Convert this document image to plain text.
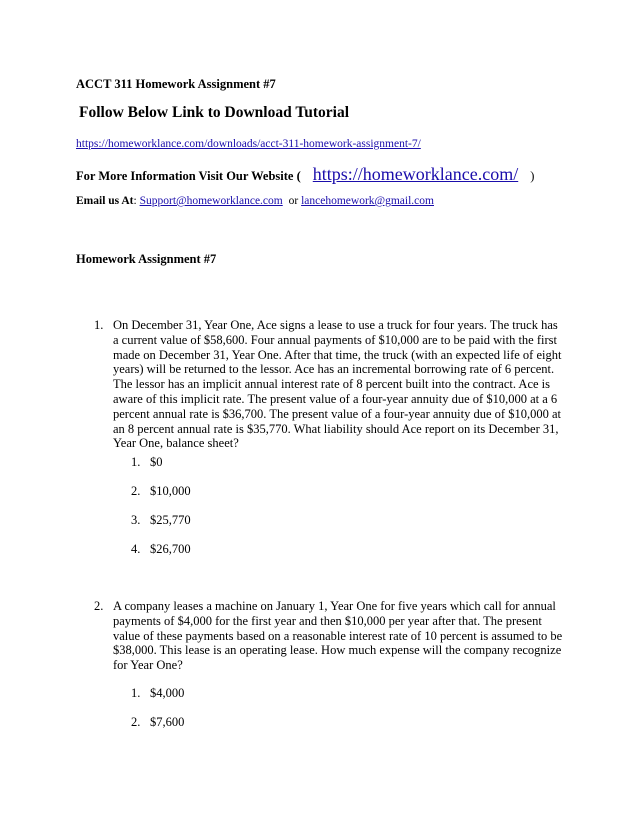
ACCT 311 Homework Assignment #7
Follow Below Link to Download Tutorial
https://homeworklance.com/downloads/acct-311-homework-assignment-7/
For More Information Visit Our Website ( https://homeworklance.com/ )
Email us At: Support@homeworklance.com or lancehomework@gmail.com
Homework Assignment #7
1. On December 31, Year One, Ace signs a lease to use a truck for four years. The truck has a current value of $58,600. Four annual payments of $10,000 are to be paid with the first made on December 31, Year One. After that time, the truck (with an expected life of eight years) will be returned to the lessor. Ace has an incremental borrowing rate of 6 percent. The lessor has an implicit annual interest rate of 8 percent built into the contract. Ace is aware of this implicit rate. The present value of a four-year annuity due of $10,000 at a 6 percent annual rate is $36,700. The present value of a four-year annuity due of $10,000 at an 8 percent annual rate is $35,770. What liability should Ace report on its December 31, Year One, balance sheet?
1. $0
2. $10,000
3. $25,770
4. $26,700
2. A company leases a machine on January 1, Year One for five years which call for annual payments of $4,000 for the first year and then $10,000 per year after that. The present value of these payments based on a reasonable interest rate of 10 percent is assumed to be $38,000. This lease is an operating lease. How much expense will the company recognize for Year One?
1. $4,000
2. $7,600
